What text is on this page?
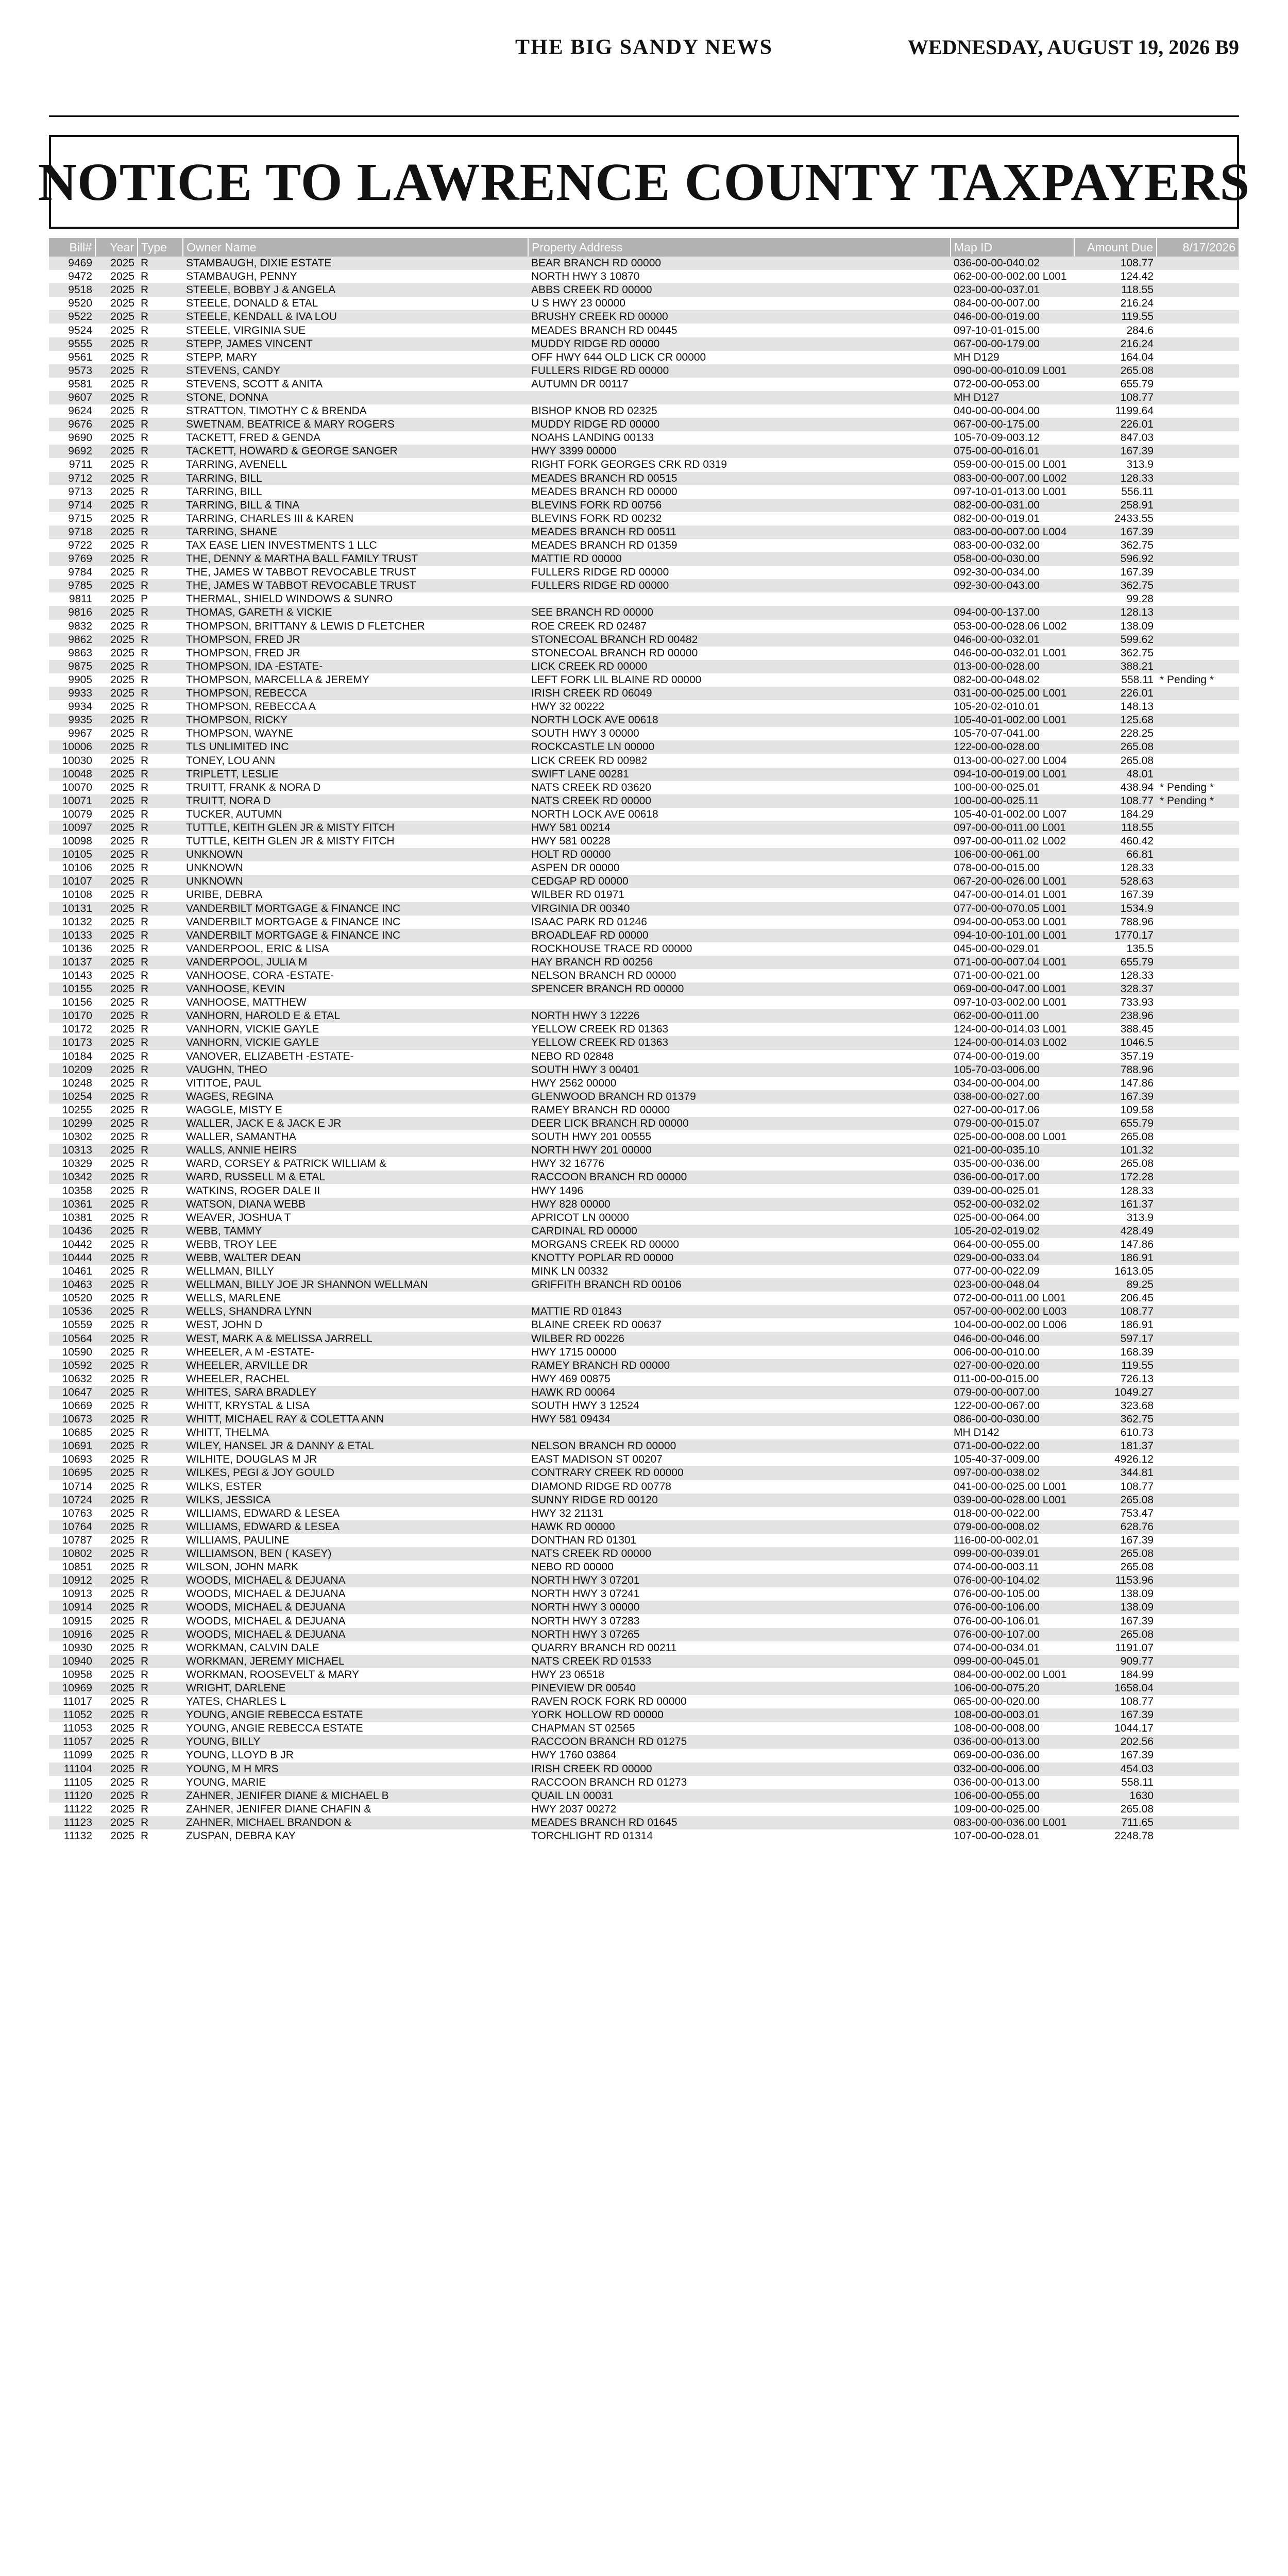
THE BIG SANDY NEWS	WEDNESDAY, AUGUST 19, 2026 B9
NOTICE TO LAWRENCE COUNTY TAXPAYERS
Bill#	Year	Type	Owner Name	Property Address	Map ID	Amount Due	8/17/2026
9469	2025	R	STAMBAUGH, DIXIE ESTATE	BEAR BRANCH RD 00000	036-00-00-040.02	108.77	
9472	2025	R	STAMBAUGH, PENNY	NORTH HWY 3 10870	062-00-00-002.00 L001	124.42	
9518	2025	R	STEELE, BOBBY J & ANGELA	ABBS CREEK RD 00000	023-00-00-037.01	118.55	
9520	2025	R	STEELE, DONALD & ETAL	U S HWY 23 00000	084-00-00-007.00	216.24	
9522	2025	R	STEELE, KENDALL & IVA LOU	BRUSHY CREEK RD 00000	046-00-00-019.00	119.55	
9524	2025	R	STEELE, VIRGINIA SUE	MEADES BRANCH RD 00445	097-10-01-015.00	284.6	
9555	2025	R	STEPP, JAMES VINCENT	MUDDY RIDGE RD 00000	067-00-00-179.00	216.24	
9561	2025	R	STEPP, MARY	OFF HWY 644 OLD LICK CR 00000	MH D129	164.04	
9573	2025	R	STEVENS, CANDY	FULLERS RIDGE RD 00000	090-00-00-010.09 L001	265.08	
9581	2025	R	STEVENS, SCOTT & ANITA	AUTUMN DR 00117	072-00-00-053.00	655.79	
9607	2025	R	STONE, DONNA		MH D127	108.77	
9624	2025	R	STRATTON, TIMOTHY C & BRENDA	BISHOP KNOB RD 02325	040-00-00-004.00	1199.64	
9676	2025	R	SWETNAM, BEATRICE & MARY ROGERS	MUDDY RIDGE RD 00000	067-00-00-175.00	226.01	
9690	2025	R	TACKETT, FRED & GENDA	NOAHS LANDING 00133	105-70-09-003.12	847.03	
9692	2025	R	TACKETT, HOWARD & GEORGE SANGER	HWY 3399 00000	075-00-00-016.01	167.39	
9711	2025	R	TARRING, AVENELL	RIGHT FORK GEORGES CRK RD 0319	059-00-00-015.00 L001	313.9	
9712	2025	R	TARRING, BILL	MEADES BRANCH RD 00515	083-00-00-007.00 L002	128.33	
9713	2025	R	TARRING, BILL	MEADES BRANCH RD 00000	097-10-01-013.00 L001	556.11	
9714	2025	R	TARRING, BILL & TINA	BLEVINS FORK RD 00756	082-00-00-031.00	258.91	
9715	2025	R	TARRING, CHARLES III & KAREN	BLEVINS FORK RD 00232	082-00-00-019.01	2433.55	
9718	2025	R	TARRING, SHANE	MEADES BRANCH RD 00511	083-00-00-007.00 L004	167.39	
9722	2025	R	TAX EASE LIEN INVESTMENTS 1 LLC	MEADES BRANCH RD 01359	083-00-00-032.00	362.75	
9769	2025	R	THE, DENNY & MARTHA BALL FAMILY TRUST	MATTIE RD 00000	058-00-00-030.00	596.92	
9784	2025	R	THE, JAMES W TABBOT REVOCABLE TRUST	FULLERS RIDGE RD 00000	092-30-00-034.00	167.39	
9785	2025	R	THE, JAMES W TABBOT REVOCABLE TRUST	FULLERS RIDGE RD 00000	092-30-00-043.00	362.75	
9811	2025	P	THERMAL, SHIELD WINDOWS & SUNRO			99.28	
9816	2025	R	THOMAS, GARETH & VICKIE	SEE BRANCH RD 00000	094-00-00-137.00	128.13	
9832	2025	R	THOMPSON, BRITTANY & LEWIS D FLETCHER	ROE CREEK RD 02487	053-00-00-028.06 L002	138.09	
9862	2025	R	THOMPSON, FRED JR	STONECOAL BRANCH RD 00482	046-00-00-032.01	599.62	
9863	2025	R	THOMPSON, FRED JR	STONECOAL BRANCH RD 00000	046-00-00-032.01 L001	362.75	
9875	2025	R	THOMPSON, IDA -ESTATE-	LICK CREEK RD 00000	013-00-00-028.00	388.21	
9905	2025	R	THOMPSON, MARCELLA & JEREMY	LEFT FORK LIL BLAINE RD 00000	082-00-00-048.02	558.11	* Pending *
9933	2025	R	THOMPSON, REBECCA	IRISH CREEK RD 06049	031-00-00-025.00 L001	226.01	
9934	2025	R	THOMPSON, REBECCA A	HWY 32 00222	105-20-02-010.01	148.13	
9935	2025	R	THOMPSON, RICKY	NORTH LOCK AVE 00618	105-40-01-002.00 L001	125.68	
9967	2025	R	THOMPSON, WAYNE	SOUTH HWY 3 00000	105-70-07-041.00	228.25	
10006	2025	R	TLS UNLIMITED INC	ROCKCASTLE LN 00000	122-00-00-028.00	265.08	
10030	2025	R	TONEY, LOU ANN	LICK CREEK RD 00982	013-00-00-027.00 L004	265.08	
10048	2025	R	TRIPLETT, LESLIE	SWIFT LANE 00281	094-10-00-019.00 L001	48.01	
10070	2025	R	TRUITT, FRANK & NORA D	NATS CREEK RD 03620	100-00-00-025.01	438.94	* Pending *
10071	2025	R	TRUITT, NORA D	NATS CREEK RD 00000	100-00-00-025.11	108.77	* Pending *
10079	2025	R	TUCKER, AUTUMN	NORTH LOCK AVE 00618	105-40-01-002.00 L007	184.29	
10097	2025	R	TUTTLE, KEITH GLEN JR & MISTY FITCH	HWY 581 00214	097-00-00-011.00 L001	118.55	
10098	2025	R	TUTTLE, KEITH GLEN JR & MISTY FITCH	HWY 581 00228	097-00-00-011.02 L002	460.42	
10105	2025	R	UNKNOWN	HOLT RD 00000	106-00-00-061.00	66.81	
10106	2025	R	UNKNOWN	ASPEN DR 00000	078-00-00-015.00	128.33	
10107	2025	R	UNKNOWN	CEDGAP RD 00000	067-20-00-026.00 L001	528.63	
10108	2025	R	URIBE, DEBRA	WILBER RD 01971	047-00-00-014.01 L001	167.39	
10131	2025	R	VANDERBILT MORTGAGE & FINANCE INC	VIRGINIA DR 00340	077-00-00-070.05 L001	1534.9	
10132	2025	R	VANDERBILT MORTGAGE & FINANCE INC	ISAAC PARK RD 01246	094-00-00-053.00 L001	788.96	
10133	2025	R	VANDERBILT MORTGAGE & FINANCE INC	BROADLEAF RD 00000	094-10-00-101.00 L001	1770.17	
10136	2025	R	VANDERPOOL, ERIC & LISA	ROCKHOUSE TRACE RD 00000	045-00-00-029.01	135.5	
10137	2025	R	VANDERPOOL, JULIA M	HAY BRANCH RD 00256	071-00-00-007.04 L001	655.79	
10143	2025	R	VANHOOSE, CORA -ESTATE-	NELSON BRANCH RD 00000	071-00-00-021.00	128.33	
10155	2025	R	VANHOOSE, KEVIN	SPENCER BRANCH RD 00000	069-00-00-047.00 L001	328.37	
10156	2025	R	VANHOOSE, MATTHEW		097-10-03-002.00 L001	733.93	
10170	2025	R	VANHORN, HAROLD E & ETAL	NORTH HWY 3 12226	062-00-00-011.00	238.96	
10172	2025	R	VANHORN, VICKIE GAYLE	YELLOW CREEK RD 01363	124-00-00-014.03 L001	388.45	
10173	2025	R	VANHORN, VICKIE GAYLE	YELLOW CREEK RD 01363	124-00-00-014.03 L002	1046.5	
10184	2025	R	VANOVER, ELIZABETH -ESTATE-	NEBO RD 02848	074-00-00-019.00	357.19	
10209	2025	R	VAUGHN, THEO	SOUTH HWY 3 00401	105-70-03-006.00	788.96	
10248	2025	R	VITITOE, PAUL	HWY 2562 00000	034-00-00-004.00	147.86	
10254	2025	R	WAGES, REGINA	GLENWOOD BRANCH RD 01379	038-00-00-027.00	167.39	
10255	2025	R	WAGGLE, MISTY E	RAMEY BRANCH RD 00000	027-00-00-017.06	109.58	
10299	2025	R	WALLER, JACK E & JACK E JR	DEER LICK BRANCH RD 00000	079-00-00-015.07	655.79	
10302	2025	R	WALLER, SAMANTHA	SOUTH HWY 201 00555	025-00-00-008.00 L001	265.08	
10313	2025	R	WALLS, ANNIE HEIRS	NORTH HWY 201 00000	021-00-00-035.10	101.32	
10329	2025	R	WARD, CORSEY & PATRICK WILLIAM &	HWY 32 16776	035-00-00-036.00	265.08	
10342	2025	R	WARD, RUSSELL M & ETAL	RACCOON BRANCH RD 00000	036-00-00-017.00	172.28	
10358	2025	R	WATKINS, ROGER DALE II	HWY 1496	039-00-00-025.01	128.33	
10361	2025	R	WATSON, DIANA WEBB	HWY 828 00000	052-00-00-032.02	161.37	
10381	2025	R	WEAVER, JOSHUA T	APRICOT LN 00000	025-00-00-064.00	313.9	
10436	2025	R	WEBB, TAMMY	CARDINAL RD 00000	105-20-02-019.02	428.49	
10442	2025	R	WEBB, TROY LEE	MORGANS CREEK RD 00000	064-00-00-055.00	147.86	
10444	2025	R	WEBB, WALTER DEAN	KNOTTY POPLAR RD 00000	029-00-00-033.04	186.91	
10461	2025	R	WELLMAN, BILLY	MINK LN 00332	077-00-00-022.09	1613.05	
10463	2025	R	WELLMAN, BILLY JOE JR SHANNON WELLMAN	GRIFFITH BRANCH RD 00106	023-00-00-048.04	89.25	
10520	2025	R	WELLS, MARLENE		072-00-00-011.00 L001	206.45	
10536	2025	R	WELLS, SHANDRA LYNN	MATTIE RD 01843	057-00-00-002.00 L003	108.77	
10559	2025	R	WEST, JOHN D	BLAINE CREEK RD 00637	104-00-00-002.00 L006	186.91	
10564	2025	R	WEST, MARK A & MELISSA JARRELL	WILBER RD 00226	046-00-00-046.00	597.17	
10590	2025	R	WHEELER, A M -ESTATE-	HWY 1715 00000	006-00-00-010.00	168.39	
10592	2025	R	WHEELER, ARVILLE DR	RAMEY BRANCH RD 00000	027-00-00-020.00	119.55	
10632	2025	R	WHEELER, RACHEL	HWY 469 00875	011-00-00-015.00	726.13	
10647	2025	R	WHITES, SARA BRADLEY	HAWK RD 00064	079-00-00-007.00	1049.27	
10669	2025	R	WHITT, KRYSTAL & LISA	SOUTH HWY 3 12524	122-00-00-067.00	323.68	
10673	2025	R	WHITT, MICHAEL RAY & COLETTA ANN	HWY 581 09434	086-00-00-030.00	362.75	
10685	2025	R	WHITT, THELMA		MH D142	610.73	
10691	2025	R	WILEY, HANSEL JR & DANNY & ETAL	NELSON BRANCH RD 00000	071-00-00-022.00	181.37	
10693	2025	R	WILHITE, DOUGLAS M JR	EAST MADISON ST 00207	105-40-37-009.00	4926.12	
10695	2025	R	WILKES, PEGI & JOY GOULD	CONTRARY CREEK RD 00000	097-00-00-038.02	344.81	
10714	2025	R	WILKS, ESTER	DIAMOND RIDGE RD 00778	041-00-00-025.00 L001	108.77	
10724	2025	R	WILKS, JESSICA	SUNNY RIDGE RD 00120	039-00-00-028.00 L001	265.08	
10763	2025	R	WILLIAMS, EDWARD & LESEA	HWY 32 21131	018-00-00-022.00	753.47	
10764	2025	R	WILLIAMS, EDWARD & LESEA	HAWK RD 00000	079-00-00-008.02	628.76	
10787	2025	R	WILLIAMS, PAULINE	DONTHAN RD 01301	116-00-00-002.01	167.39	
10802	2025	R	WILLIAMSON, BEN ( KASEY)	NATS CREEK RD 00000	099-00-00-039.01	265.08	
10851	2025	R	WILSON, JOHN MARK	NEBO RD 00000	074-00-00-003.11	265.08	
10912	2025	R	WOODS, MICHAEL & DEJUANA	NORTH HWY 3 07201	076-00-00-104.02	1153.96	
10913	2025	R	WOODS, MICHAEL & DEJUANA	NORTH HWY 3 07241	076-00-00-105.00	138.09	
10914	2025	R	WOODS, MICHAEL & DEJUANA	NORTH HWY 3 00000	076-00-00-106.00	138.09	
10915	2025	R	WOODS, MICHAEL & DEJUANA	NORTH HWY 3 07283	076-00-00-106.01	167.39	
10916	2025	R	WOODS, MICHAEL & DEJUANA	NORTH HWY 3 07265	076-00-00-107.00	265.08	
10930	2025	R	WORKMAN, CALVIN DALE	QUARRY BRANCH RD 00211	074-00-00-034.01	1191.07	
10940	2025	R	WORKMAN, JEREMY MICHAEL	NATS CREEK RD 01533	099-00-00-045.01	909.77	
10958	2025	R	WORKMAN, ROOSEVELT & MARY	HWY 23 06518	084-00-00-002.00 L001	184.99	
10969	2025	R	WRIGHT, DARLENE	PINEVIEW DR 00540	106-00-00-075.20	1658.04	
11017	2025	R	YATES, CHARLES L	RAVEN ROCK FORK RD 00000	065-00-00-020.00	108.77	
11052	2025	R	YOUNG, ANGIE REBECCA ESTATE	YORK HOLLOW RD 00000	108-00-00-003.01	167.39	
11053	2025	R	YOUNG, ANGIE REBECCA ESTATE	CHAPMAN ST 02565	108-00-00-008.00	1044.17	
11057	2025	R	YOUNG, BILLY	RACCOON BRANCH RD 01275	036-00-00-013.00	202.56	
11099	2025	R	YOUNG, LLOYD B JR	HWY 1760 03864	069-00-00-036.00	167.39	
11104	2025	R	YOUNG, M H MRS	IRISH CREEK RD 00000	032-00-00-006.00	454.03	
11105	2025	R	YOUNG, MARIE	RACCOON BRANCH RD 01273	036-00-00-013.00	558.11	
11120	2025	R	ZAHNER, JENIFER DIANE & MICHAEL B	QUAIL LN 00031	106-00-00-055.00	1630	
11122	2025	R	ZAHNER, JENIFER DIANE CHAFIN &	HWY 2037 00272	109-00-00-025.00	265.08	
11123	2025	R	ZAHNER, MICHAEL BRANDON &	MEADES BRANCH RD 01645	083-00-00-036.00 L001	711.65	
11132	2025	R	ZUSPAN, DEBRA KAY	TORCHLIGHT RD 01314	107-00-00-028.01	2248.78	
